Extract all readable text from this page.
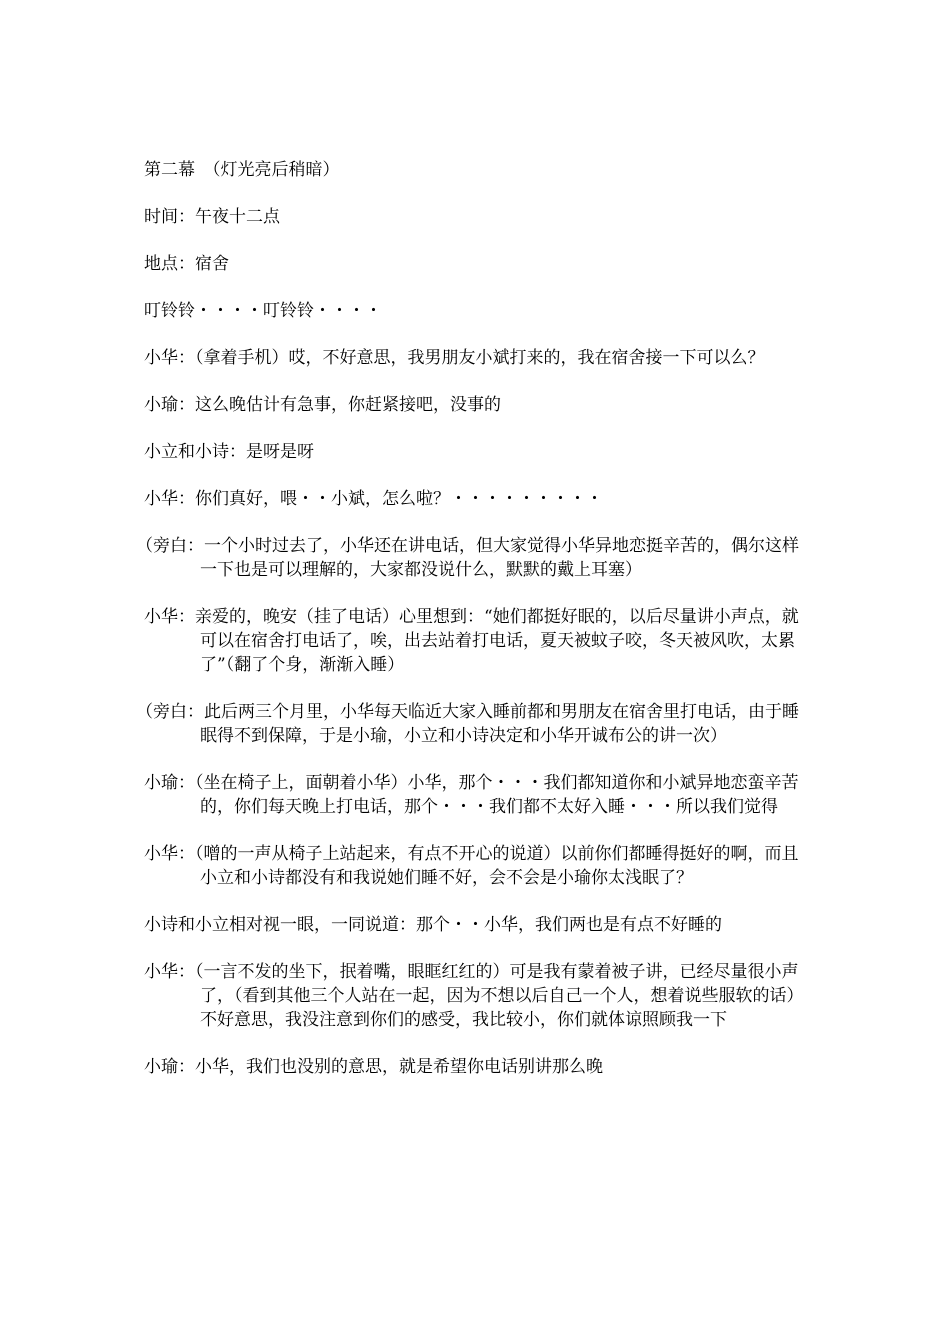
第二幕　（灯光亮后稍暗）

时间：午夜十二点

地点：宿舍

叮铃铃・・・・叮铃铃・・・・

小华：（拿着手机）哎，不好意思，我男朋友小斌打来的，我在宿舍接一下可以么？

小瑜：这么晚估计有急事，你赶紧接吧，没事的

小立和小诗：是呀是呀

小华：你们真好，喂・・小斌，怎么啦？・・・・・・・・・

（旁白：一个小时过去了，小华还在讲电话，但大家觉得小华异地恋挺辛苦的，偶尔这样一下也是可以理解的，大家都没说什么，默默的戴上耳塞）

小华：亲爱的，晚安（挂了电话）心里想到：“她们都挺好眠的，以后尽量讲小声点，就可以在宿舍打电话了，唉，出去站着打电话，夏天被蚊子咬，冬天被风吹，太累了”（翻了个身，渐渐入睡）

（旁白：此后两三个月里，小华每天临近大家入睡前都和男朋友在宿舍里打电话，由于睡眠得不到保障，于是小瑜，小立和小诗决定和小华开诚布公的讲一次）

小瑜：（坐在椅子上，面朝着小华）小华，那个・・・我们都知道你和小斌异地恋蛮辛苦的，你们每天晚上打电话，那个・・・我们都不太好入睡・・・所以我们觉得

小华：（噌的一声从椅子上站起来，有点不开心的说道）以前你们都睡得挺好的啊，而且小立和小诗都没有和我说她们睡不好，会不会是小瑜你太浅眠了？

小诗和小立相对视一眼，一同说道：那个・・小华，我们两也是有点不好睡的

小华：（一言不发的坐下，抿着嘴，眼眶红红的）可是我有蒙着被子讲，已经尽量很小声了，（看到其他三个人站在一起，因为不想以后自己一个人，想着说些服软的话）不好意思，我没注意到你们的感受，我比较小，你们就体谅照顾我一下

小瑜：小华，我们也没别的意思，就是希望你电话别讲那么晚
